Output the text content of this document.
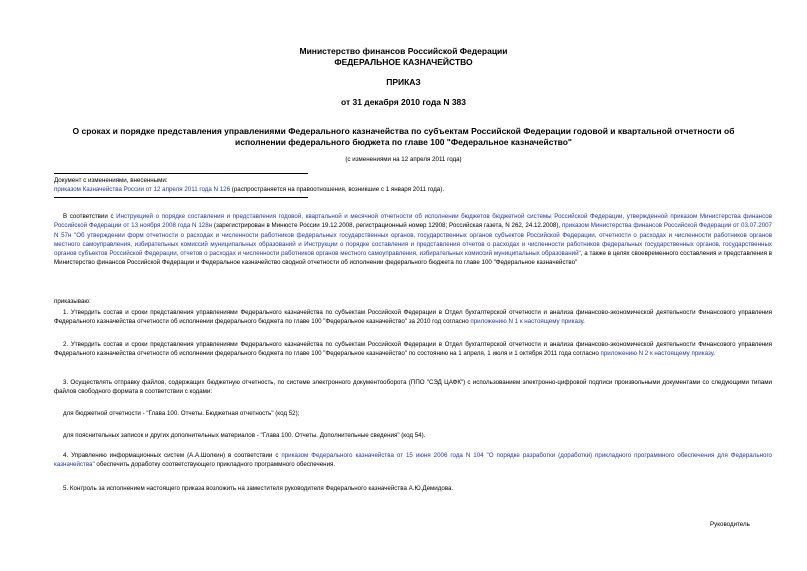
Министерство финансов Российской Федерации
ФЕДЕРАЛЬНОЕ КАЗНАЧЕЙСТВО
ПРИКАЗ
от 31 декабря 2010 года N 383
О сроках и порядке представления управлениями Федерального казначейства по субъектам Российской Федерации годовой и квартальной отчетности об
исполнении федерального бюджета по главе 100 "Федеральное казначейство"
(с изменениями на 12 апреля 2011 года)
Документ с изменениями, внесенными:
приказом Казначейства России от 12 апреля 2011 года N 126 (распространяется на правоотношения, возникшие с 1 января 2011 года).
В соответствии с Инструкцией о порядке составления и представления годовой, квартальной и месячной отчетности об исполнении бюджетов бюджетной системы Российской Федерации, утвержденной приказом Министерства финансов Российской Федерации от 13 ноября 2008 года N 128н (зарегистрирован в Минюсте России 19.12.2008, регистрационный номер 12908; Российская газета, N 262, 24.12.2008), приказом Министерства финансов Российской Федерации от 03.07.2007 N 57н "Об утверждении форм отчетности о расходах и численности работников федеральных государственных органов, государственных органов субъектов Российской Федерации, отчетности о расходах и численности работников органов местного самоуправления, избирательных комиссий муниципальных образований и Инструкции о порядке составления и представления отчетов о расходах и численности работников федеральных государственных органов, государственных органов субъектов Российской Федерации, отчетов о расходах и численности работников органов местного самоуправления, избирательных комиссий муниципальных образований", а также в целях своевременного составления и представления в Министерство финансов Российской Федерации и Федеральное казначейство сводной отчетности об исполнении федерального бюджета по главе 100 "Федеральное казначейство"
приказываю:
1. Утвердить состав и сроки представления управлениями Федерального казначейства по субъектам Российской Федерации в Отдел бухгалтерской отчетности и анализа финансово-экономической деятельности Финансового управления Федерального казначейства отчетности об исполнении федерального бюджета по главе 100 "Федеральное казначейство" за 2010 год согласно приложению N 1 к настоящему приказу.
2. Утвердить состав и сроки представления управлениями Федерального казначейства по субъектам Российской Федерации в Отдел бухгалтерской отчетности и анализа финансово-экономической деятельности Финансового управления Федерального казначейства отчетности об исполнении федерального бюджета по главе 100 "Федеральное казначейство" по состоянию на 1 апреля, 1 июля и 1 октября 2011 года согласно приложению N 2 к настоящему приказу.
3. Осуществлять отправку файлов, содержащих бюджетную отчетность, по системе электронного документооборота (ППО "СЭД ЦАФК") с использованием электронно-цифровой подписи произвольными документами со следующими типами файлов свободного формата в соответствии с кодами:
для бюджетной отчетности - "Глава 100. Отчеты. Бюджетная отчетность" (код 52);
для пояснительных записок и других дополнительных материалов - "Глава 100. Отчеты. Дополнительные сведения" (код 54).
4. Управлению информационных систем (А.А.Шолкин) в соответствии с приказом Федерального казначейства от 15 июня 2006 года N 104 "О порядке разработки (доработки) прикладного программного обеспечения для Федерального казначейства" обеспечить доработку соответствующего прикладного программного обеспечения.
5. Контроль за исполнением настоящего приказа возложить на заместителя руководителя Федерального казначейства А.Ю.Демидова.
Руководитель
